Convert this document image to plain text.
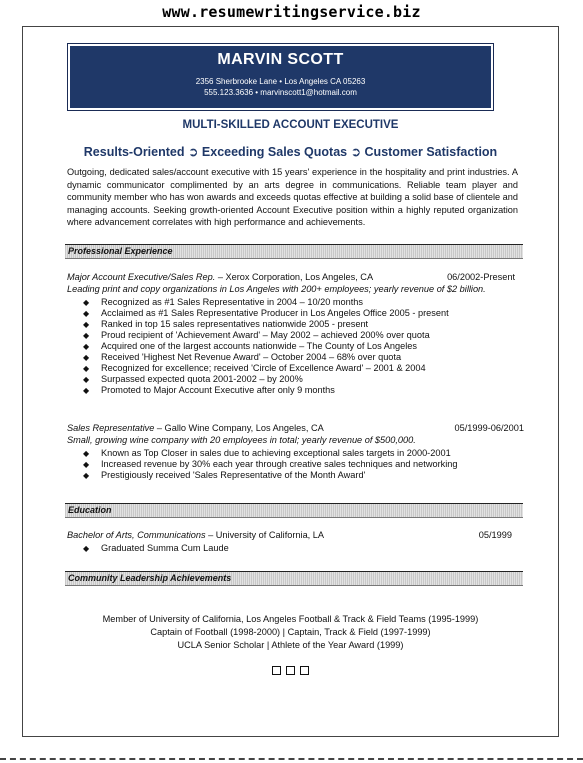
www.resumewritingservice.biz
MARVIN SCOTT
2356 Sherbrooke Lane • Los Angeles CA 05263
555.123.3636 • marvinscott1@hotmail.com
MULTI-SKILLED ACCOUNT EXECUTIVE
Results-Oriented ➲ Exceeding Sales Quotas ➲ Customer Satisfaction
Outgoing, dedicated sales/account executive with 15 years' experience in the hospitality and print industries. A dynamic communicator complimented by an arts degree in communications. Reliable team player and community member who has won awards and exceeds quotas effective at building a solid base of clientele and managing accounts. Seeking growth-oriented Account Executive position within a highly reputed organization where advancement correlates with high performance and achievements.
Professional Experience
Major Account Executive/Sales Rep. – Xerox Corporation, Los Angeles, CA	06/2002-Present
Leading print and copy organizations in Los Angeles with 200+ employees; yearly revenue of $2 billion.
◆ Recognized as #1 Sales Representative in 2004 – 10/20 months
◆ Acclaimed as #1 Sales Representative Producer in Los Angeles Office 2005 - present
◆ Ranked in top 15 sales representatives nationwide 2005 - present
◆ Proud recipient of 'Achievement Award' – May 2002 – achieved 200% over quota
◆ Acquired one of the largest accounts nationwide – The County of Los Angeles
◆ Received 'Highest Net Revenue Award' – October 2004 – 68% over quota
◆ Recognized for excellence; received 'Circle of Excellence Award' – 2001 & 2004
◆ Surpassed expected quota 2001-2002 – by 200%
◆ Promoted to Major Account Executive after only 9 months
Sales Representative – Gallo Wine Company, Los Angeles, CA	05/1999-06/2001
Small, growing wine company with 20 employees in total; yearly revenue of $500,000.
◆ Known as Top Closer in sales due to achieving exceptional sales targets in 2000-2001
◆ Increased revenue by 30% each year through creative sales techniques and networking
◆ Prestigiously received 'Sales Representative of the Month Award'
Education
Bachelor of Arts, Communications – University of California, LA	05/1999
◆ Graduated Summa Cum Laude
Community Leadership Achievements
Member of University of California, Los Angeles Football & Track & Field Teams (1995-1999)
Captain of Football (1998-2000) | Captain, Track & Field (1997-1999)
UCLA Senior Scholar | Athlete of the Year Award (1999)
